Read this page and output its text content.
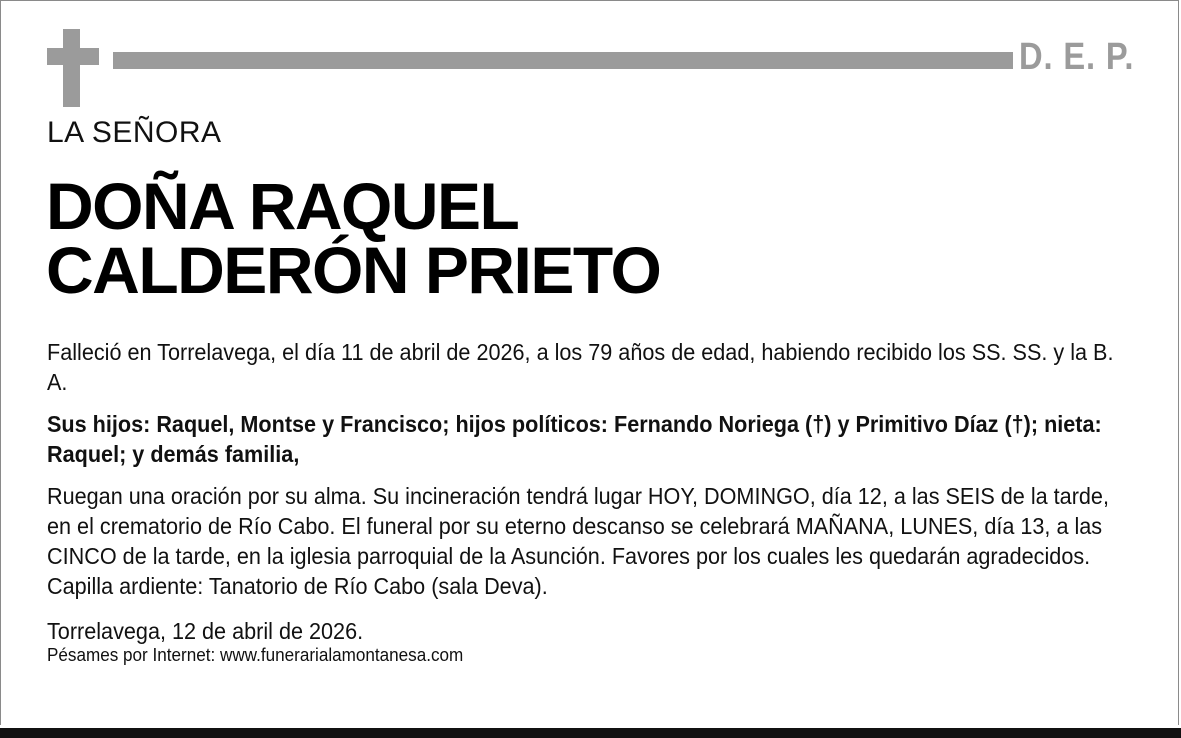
D. E. P.
LA SEÑORA
DOÑA RAQUEL
CALDERÓN PRIETO

Falleció en Torrelavega, el día 11 de abril de 2026, a los 79 años de edad, habiendo recibido los SS. SS. y la B. A.

Sus hijos: Raquel, Montse y Francisco; hijos políticos: Fernando Noriega (†) y Primitivo Díaz (†); nieta: Raquel; y demás familia,

Ruegan una oración por su alma. Su incineración tendrá lugar HOY, DOMINGO, día 12, a las SEIS de la tarde, en el crematorio de Río Cabo. El funeral por su eterno descanso se celebrará MAÑANA, LUNES, día 13, a las CINCO de la tarde, en la iglesia parroquial de la Asunción. Favores por los cuales les quedarán agradecidos. Capilla ardiente: Tanatorio de Río Cabo (sala Deva).

Torrelavega, 12 de abril de 2026.

Pésames por Internet: www.funerarialamontanesa.com
